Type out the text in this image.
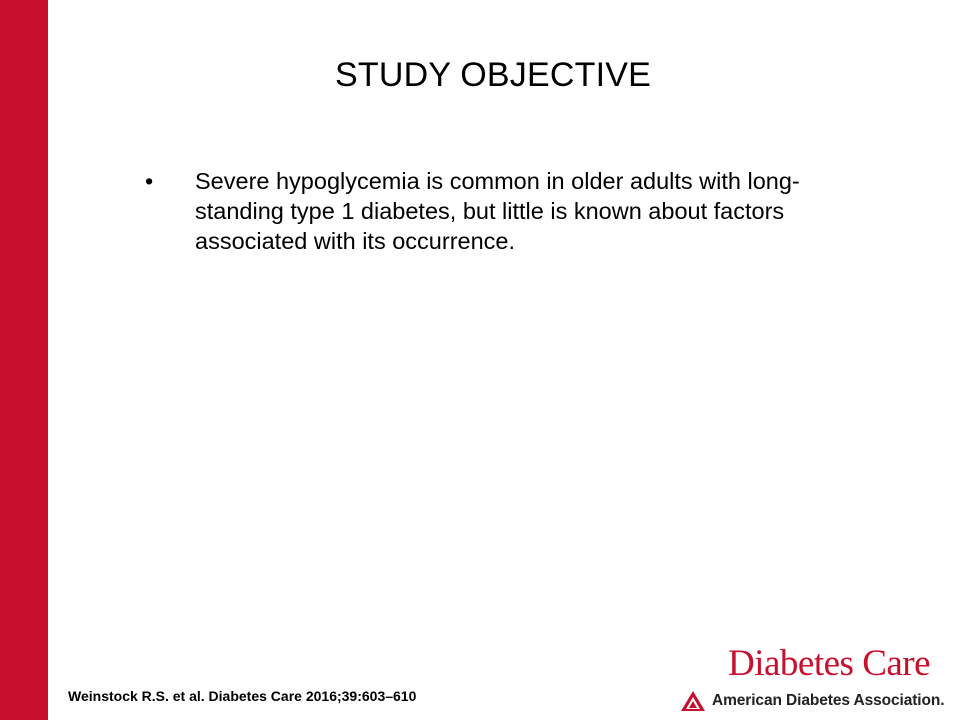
STUDY OBJECTIVE
• Severe hypoglycemia is common in older adults with long-standing type 1 diabetes, but little is known about factors associated with its occurrence.
Weinstock R.S. et al. Diabetes Care 2016;39:603–610
Diabetes Care
American Diabetes Association.
